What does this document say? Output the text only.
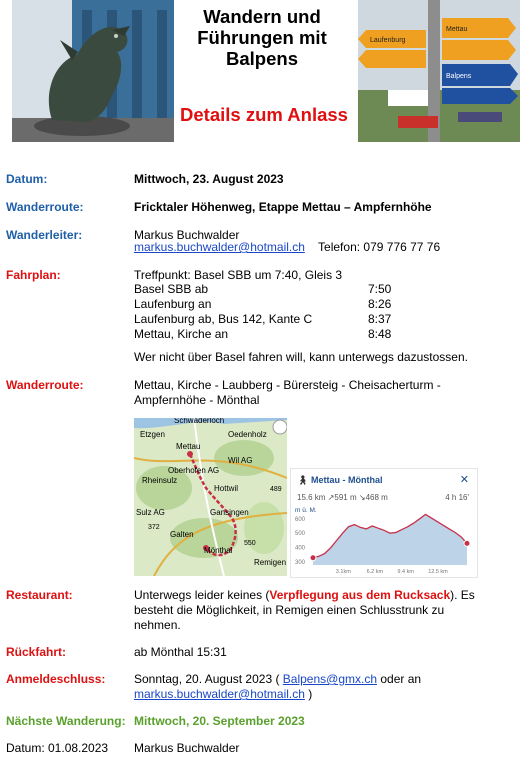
Wandern und
Führungen mit
Balpens
Details zum Anlass
Laufenburg
Mettau
Balpens
Datum:	Mittwoch, 23. August 2023
Wanderroute:	Fricktaler Höhenweg, Etappe Mettau – Ampfernhöhe
Wanderleiter:	Markus Buchwalder
markus.buchwalder@hotmail.ch Telefon: 079 776 77 76
Fahrplan:	Treffpunkt: Basel SBB um 7:40, Gleis 3
Basel SBB ab	7:50
Laufenburg an	8:26
Laufenburg ab, Bus 142, Kante C	8:37
Mettau, Kirche an	8:48
Wer nicht über Basel fahren will, kann unterwegs dazustossen.
Wanderroute:	Mettau, Kirche - Laubberg - Bürersteig - Cheisacherturm - Ampfernhöhe - Mönthal
Schwaderloch
Etzgen	Oedenholz
Mettau
Wil AG
Oberhofen AG
Rheinsulz
Hottwil
Gansingen
Sulz AG
Galten
Mönthal
Remigen
372
489
550
🚶︎ Mettau - Mönthal	✕
15.6 km ↗591 m ↘468 m	4 h 16'
m ü. M.
600
500
400
300
3.1km	6.2 km	9.4 km	12.5 km
Restaurant:	Unterwegs leider keines (Verpflegung aus dem Rucksack). Es besteht die Möglichkeit, in Remigen einen Schlusstrunk zu nehmen.
Rückfahrt:	ab Mönthal 15:31
Anmeldeschluss: Sonntag, 20. August 2023 ( Balpens@gmx.ch oder an
markus.buchwalder@hotmail.ch )
Nächste Wanderung: Mittwoch, 20. September 2023
Datum: 01.08.2023 Markus Buchwalder
